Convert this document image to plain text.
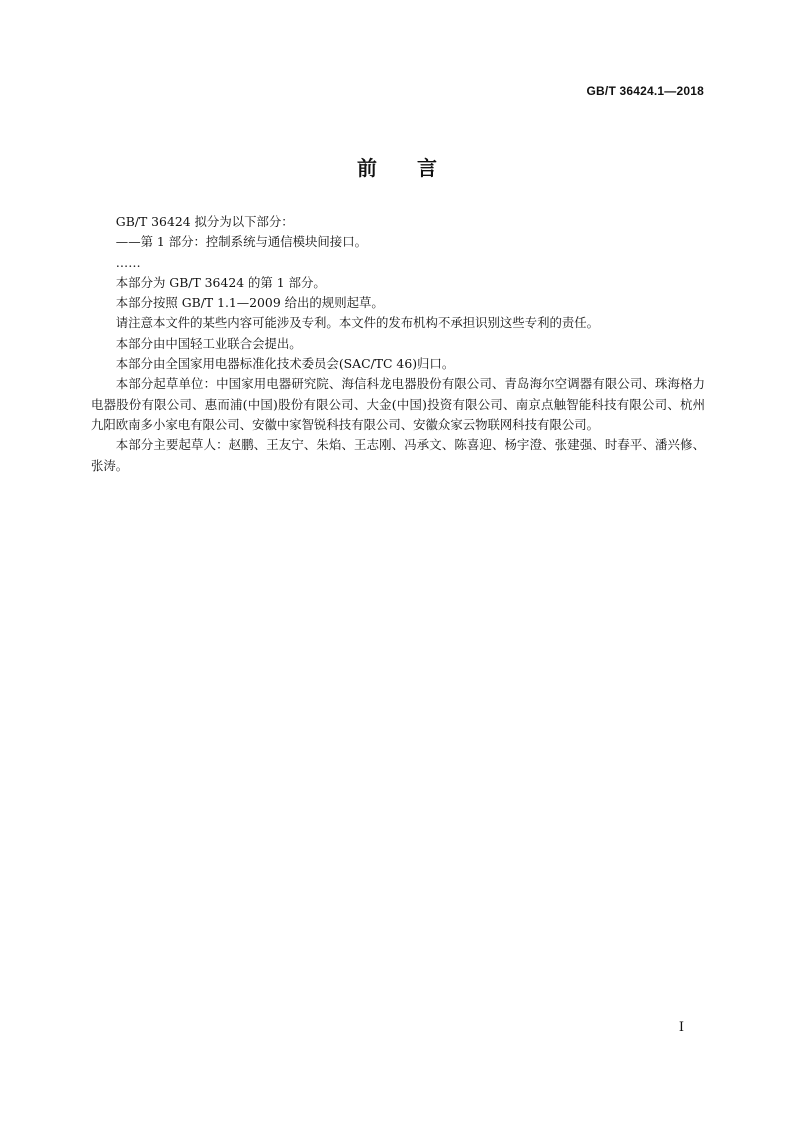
GB/T 36424.1—2018
前 言

GB/T 36424 拟分为以下部分：

——第 1 部分：控制系统与通信模块间接口。

……

本部分为 GB/T 36424 的第 1 部分。

本部分按照 GB/T 1.1—2009 给出的规则起草。

请注意本文件的某些内容可能涉及专利。本文件的发布机构不承担识别这些专利的责任。

本部分由中国轻工业联合会提出。

本部分由全国家用电器标准化技术委员会(SAC/TC 46)归口。

本部分起草单位：中国家用电器研究院、海信科龙电器股份有限公司、青岛海尔空调器有限公司、珠海格力电器股份有限公司、惠而浦(中国)股份有限公司、大金(中国)投资有限公司、南京点触智能科技有限公司、杭州九阳欧南多小家电有限公司、安徽中家智锐科技有限公司、安徽众家云物联网科技有限公司。

本部分主要起草人：赵鹏、王友宁、朱焰、王志刚、冯承文、陈喜迎、杨宇澄、张建强、时春平、潘兴修、张涛。

I
